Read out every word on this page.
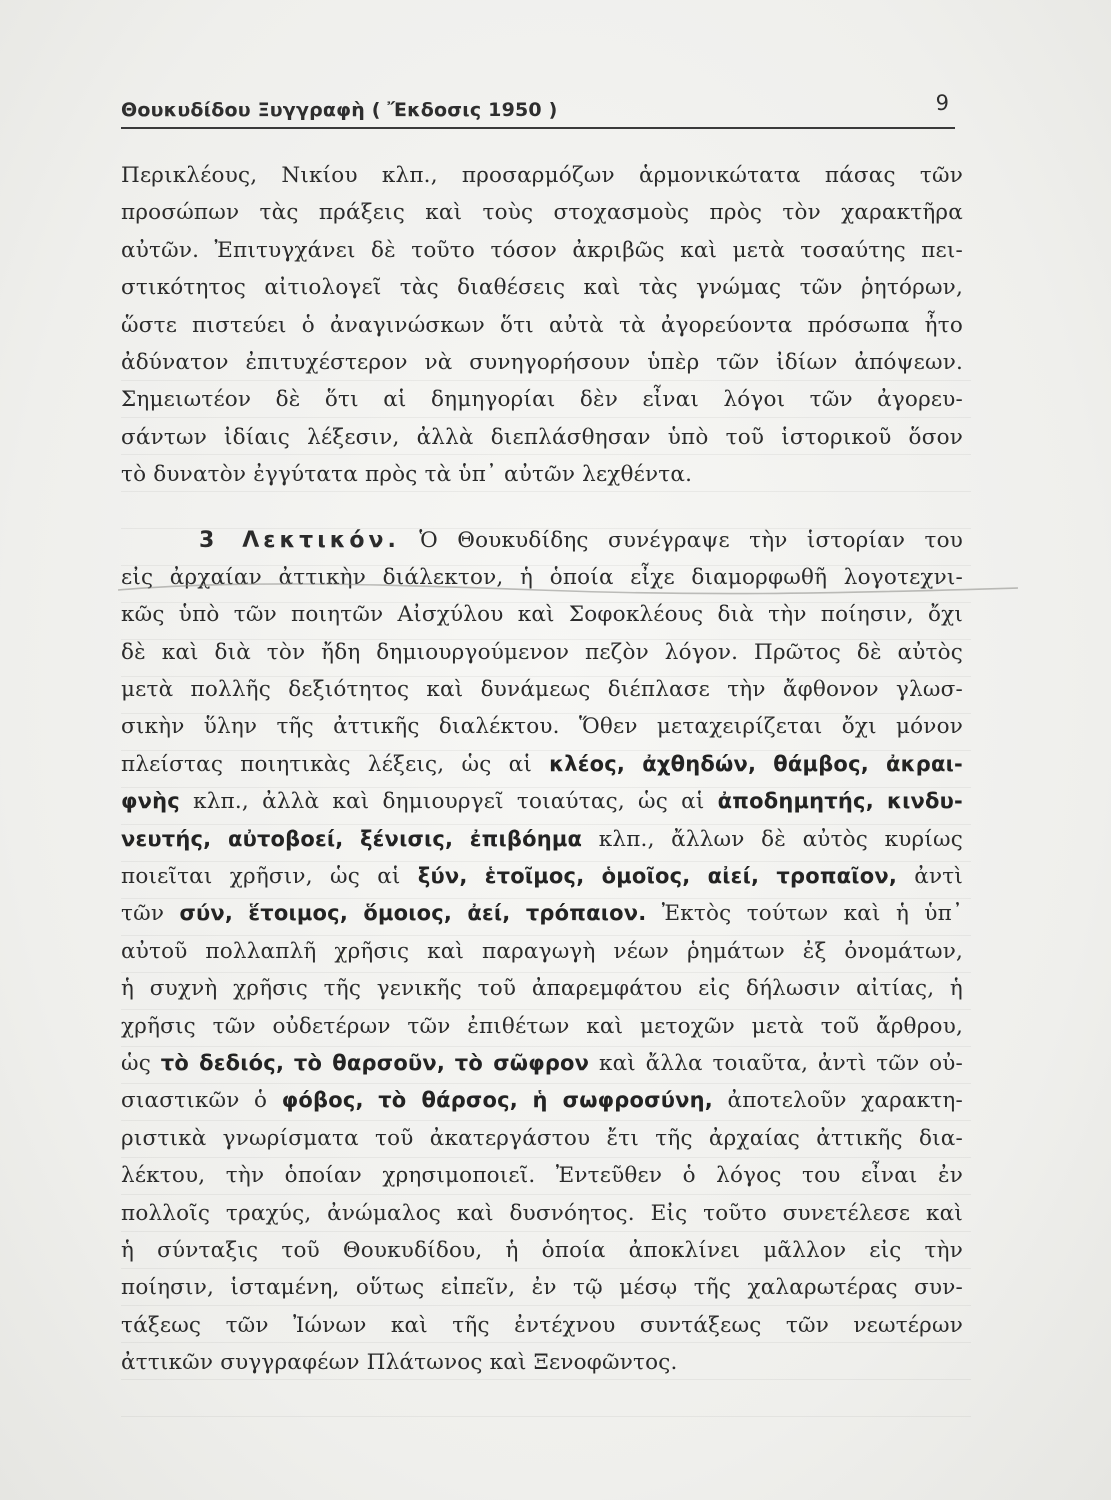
Θουκυδίδου Ξυγγραφὴ ( Ἔκδοσις 1950 )	9
Περικλέους, Νικίου κλπ., προσαρμόζων ἁρμονικώτατα πάσας τῶν
προσώπων τὰς πράξεις καὶ τοὺς στοχασμοὺς πρὸς τὸν χαρακτῆρα
αὐτῶν. Ἐπιτυγχάνει δὲ τοῦτο τόσον ἀκριβῶς καὶ μετὰ τοσαύτης πει-
στικότητος αἰτιολογεῖ τὰς διαθέσεις καὶ τὰς γνώμας τῶν ῥητόρων,
ὥστε πιστεύει ὁ ἀναγινώσκων ὅτι αὐτὰ τὰ ἀγορεύοντα πρόσωπα ἦτο
ἀδύνατον ἐπιτυχέστερον νὰ συνηγορήσουν ὑπὲρ τῶν ἰδίων ἀπόψεων.
Σημειωτέον δὲ ὅτι αἱ δημηγορίαι δὲν εἶναι λόγοι τῶν ἀγορευ-
σάντων ἰδίαις λέξεσιν, ἀλλὰ διεπλάσθησαν ὑπὸ τοῦ ἱστορικοῦ ὅσον
τὸ δυνατὸν ἐγγύτατα πρὸς τὰ ὑπ᾽ αὐτῶν λεχθέντα.
3 Λεκτικόν. Ὁ Θουκυδίδης συνέγραψε τὴν ἱστορίαν του
εἰς ἀρχαίαν ἀττικὴν διάλεκτον, ἡ ὁποία εἶχε διαμορφωθῆ λογοτεχνι-
κῶς ὑπὸ τῶν ποιητῶν Αἰσχύλου καὶ Σοφοκλέους διὰ τὴν ποίησιν, ὄχι
δὲ καὶ διὰ τὸν ἤδη δημιουργούμενον πεζὸν λόγον. Πρῶτος δὲ αὐτὸς
μετὰ πολλῆς δεξιότητος καὶ δυνάμεως διέπλασε τὴν ἄφθονον γλωσ-
σικὴν ὕλην τῆς ἀττικῆς διαλέκτου. Ὅθεν μεταχειρίζεται ὄχι μόνον
πλείστας ποιητικὰς λέξεις, ὡς αἱ κλέος, ἀχθηδών, θάμβος, ἀκραι-
φνὴς κλπ., ἀλλὰ καὶ δημιουργεῖ τοιαύτας, ὡς αἱ ἀποδημητής, κινδυ-
νευτής, αὐτοβοεί, ξένισις, ἐπιβόημα κλπ., ἄλλων δὲ αὐτὸς κυρίως
ποιεῖται χρῆσιν, ὡς αἱ ξύν, ἑτοῖμος, ὁμοῖος, αἰεί, τροπαῖον, ἀντὶ
τῶν σύν, ἕτοιμος, ὅμοιος, ἀεί, τρόπαιον. Ἐκτὸς τούτων καὶ ἡ ὑπ᾽
αὐτοῦ πολλαπλῆ χρῆσις καὶ παραγωγὴ νέων ῥημάτων ἐξ ὀνομάτων,
ἡ συχνὴ χρῆσις τῆς γενικῆς τοῦ ἀπαρεμφάτου εἰς δήλωσιν αἰτίας, ἡ
χρῆσις τῶν οὐδετέρων τῶν ἐπιθέτων καὶ μετοχῶν μετὰ τοῦ ἄρθρου,
ὡς τὸ δεδιός, τὸ θαρσοῦν, τὸ σῶφρον καὶ ἄλλα τοιαῦτα, ἀντὶ τῶν οὐ-
σιαστικῶν ὁ φόβος, τὸ θάρσος, ἡ σωφροσύνη, ἀποτελοῦν χαρακτη-
ριστικὰ γνωρίσματα τοῦ ἀκατεργάστου ἔτι τῆς ἀρχαίας ἀττικῆς δια-
λέκτου, τὴν ὁποίαν χρησιμοποιεῖ. Ἐντεῦθεν ὁ λόγος του εἶναι ἐν
πολλοῖς τραχύς, ἀνώμαλος καὶ δυσνόητος. Εἰς τοῦτο συνετέλεσε καὶ
ἡ σύνταξις τοῦ Θουκυδίδου, ἡ ὁποία ἀποκλίνει μᾶλλον εἰς τὴν
ποίησιν, ἱσταμένη, οὕτως εἰπεῖν, ἐν τῷ μέσῳ τῆς χαλαρωτέρας συν-
τάξεως τῶν Ἰώνων καὶ τῆς ἐντέχνου συντάξεως τῶν νεωτέρων
ἀττικῶν συγγραφέων Πλάτωνος καὶ Ξενοφῶντος.
